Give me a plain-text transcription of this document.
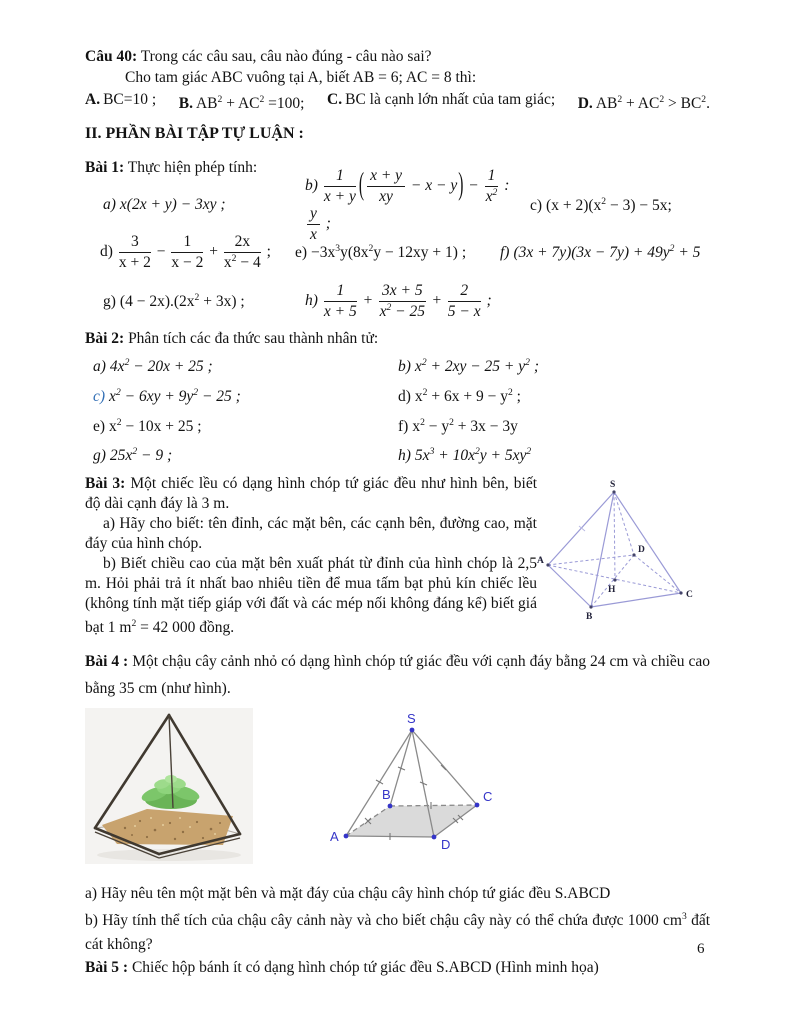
Câu 40: Trong các câu sau, câu nào đúng - câu nào sai?

Cho tam giác ABC vuông tại A, biết AB = 6; AC = 8 thì:

A. BC=10 ; B. $AB^2 + AC^2 =100$; C. BC là cạnh lớn nhất của tam giác; D. $AB^2 + AC^2 > BC^2$.

II. PHẦN BÀI TẬP TỰ LUẬN :

Bài 1: Thực hiện phép tính:

a) x(2x + y) − 3xy ;
$b) \frac{1}{x + y}$ ( $\frac{x + y}{xy} - x - y) - \frac{1}{x^2}$ :
$\frac{y}{x}$ ;
c) $(x + 2)(x^2 - 3) - 5x$;
$d) \frac{3}{x + 2} - \frac{1}{x - 2} + \frac{2x}{x^2 - 4}$ ;	$e) -3x^3y(8x^2y - 12xy + 1)$ ;	f) $(3x + 7y)(3x - 7y) + 49y^2 + 5$
g) $(4 - 2x).(2x^2 + 3x)$ ;	$h) \frac{1}{x + 5} + \frac{3x + 5}{x^2 - 25} + \frac{2}{5 - x}$ ;

Bài 2: Phân tích các đa thức sau thành nhân tử:

a) $4x^2 - 20x + 25$ ;	b) $x^2 + 2xy - 25 + y^2$ ;
c) $x^2 - 6xy + 9y^2 - 25$ ;	d) $x^2 + 6x + 9 - y^2$ ;
e) $x^2 - 10x + 25$ ;	f) $x^2 - y^2 + 3x - 3y$
g) $25x^2 - 9$ ;	h) $5x^3 + 10x^2y + 5xy^2$
S
A
B
C
D
H

Bài 3: Một chiếc lều có dạng hình chóp tứ giác đều như hình bên, biết độ dài cạnh đáy là 3 m.

a) Hãy cho biết: tên đỉnh, các mặt bên, các cạnh bên, đường cao, mặt đáy của hình chóp.

b) Biết chiều cao của mặt bên xuất phát từ đỉnh của hình chóp là 2,5 m. Hỏi phải trả ít nhất bao nhiêu tiền để mua tấm bạt phủ kín chiếc lều (không tính mặt tiếp giáp với đất và các mép nối không đáng kể) biết giá bạt 1 $m^2 = 42$ 000 đồng.

Bài 4 : Một chậu cây cảnh nhỏ có dạng hình chóp tứ giác đều với cạnh đáy bằng 24 cm và chiều cao bằng 35 cm (như hình).

S
A
B	C
D

a) Hãy nêu tên một mặt bên và mặt đáy của chậu cây hình chóp tứ giác đều S.ABCD

b) Hãy tính thể tích của chậu cây cảnh này và cho biết chậu cây này có thể chứa được 1000 $cm^3$ đất cát không?

Bài 5 : Chiếc hộp bánh ít có dạng hình chóp tứ giác đều S.ABCD (Hình minh họa)

6
